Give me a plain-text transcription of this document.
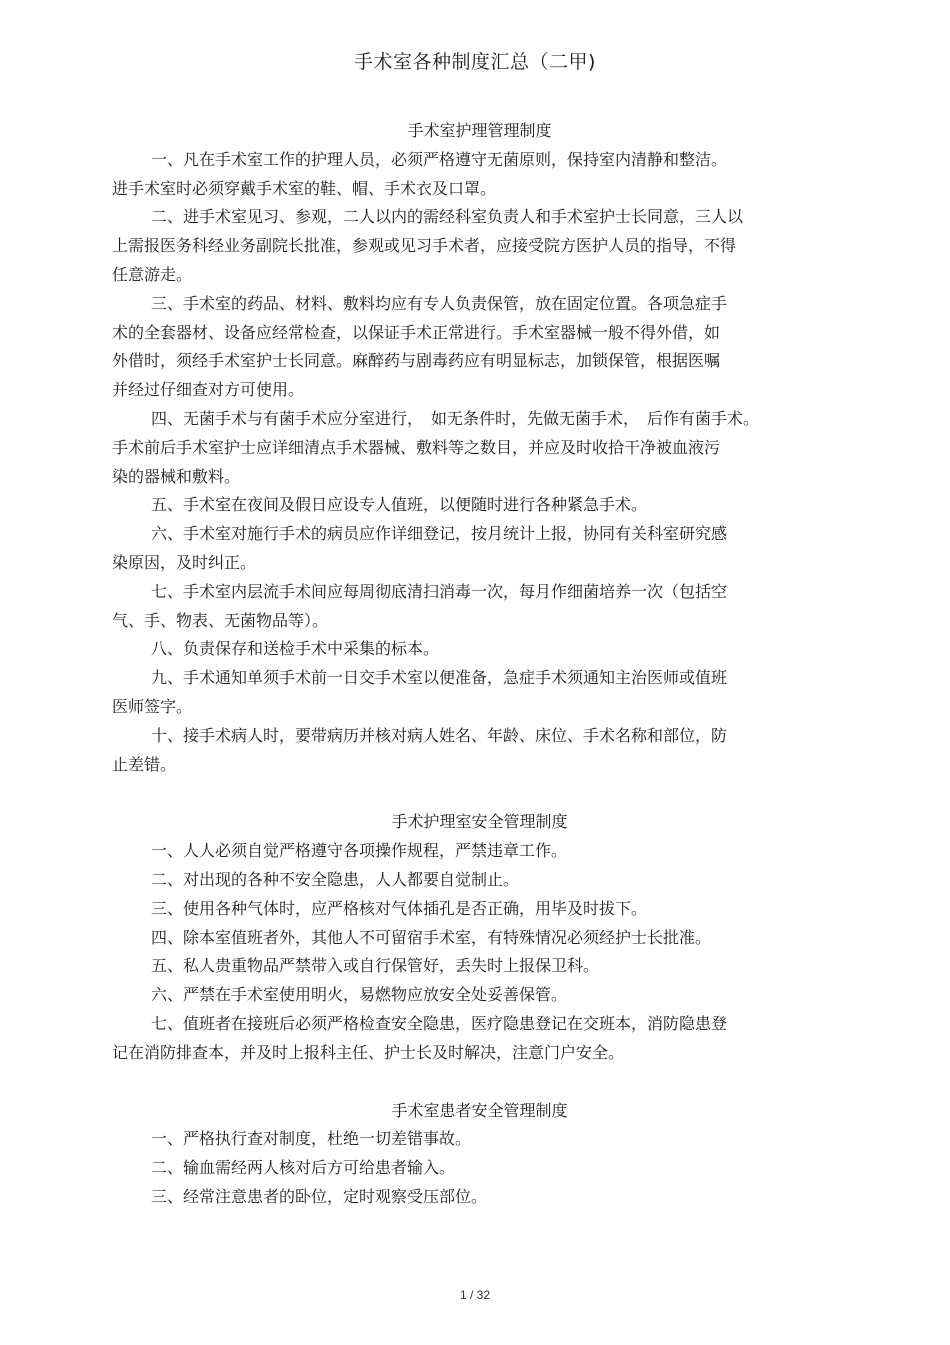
手术室各种制度汇总（二甲)
手术室护理管理制度
一、凡在手术室工作的护理人员，必须严格遵守无菌原则，保持室内清静和整洁。
进手术室时必须穿戴手术室的鞋、帽、手术衣及口罩。
二、进手术室见习、参观，二人以内的需经科室负责人和手术室护士长同意，三人以
上需报医务科经业务副院长批准，参观或见习手术者，应接受院方医护人员的指导，不得
任意游走。
三、手术室的药品、材料、敷料均应有专人负责保管，放在固定位置。各项急症手
术的全套器材、设备应经常检查，以保证手术正常进行。手术室器械一般不得外借，如
外借时，须经手术室护士长同意。麻醉药与剧毒药应有明显标志，加锁保管，根据医嘱
并经过仔细查对方可使用。
四、无菌手术与有菌手术应分室进行，　如无条件时，先做无菌手术，　后作有菌手术。
手术前后手术室护士应详细清点手术器械、敷料等之数目，并应及时收拾干净被血液污
染的器械和敷料。
五、手术室在夜间及假日应设专人值班，以便随时进行各种紧急手术。
六、手术室对施行手术的病员应作详细登记，按月统计上报，协同有关科室研究感
染原因，及时纠正。
七、手术室内层流手术间应每周彻底清扫消毒一次，每月作细菌培养一次（包括空
气、手、物表、无菌物品等）。
八、负责保存和送检手术中采集的标本。
九、手术通知单须手术前一日交手术室以便准备，急症手术须通知主治医师或值班
医师签字。
十、接手术病人时，要带病历并核对病人姓名、年龄、床位、手术名称和部位，防
止差错。
手术护理室安全管理制度
一、人人必须自觉严格遵守各项操作规程，严禁违章工作。
二、对出现的各种不安全隐患，人人都要自觉制止。
三、使用各种气体时，应严格核对气体插孔是否正确，用毕及时拔下。
四、除本室值班者外，其他人不可留宿手术室，有特殊情况必须经护士长批准。
五、私人贵重物品严禁带入或自行保管好，丢失时上报保卫科。
六、严禁在手术室使用明火，易燃物应放安全处妥善保管。
七、值班者在接班后必须严格检查安全隐患，医疗隐患登记在交班本，消防隐患登
记在消防排查本，并及时上报科主任、护士长及时解决，注意门户安全。
手术室患者安全管理制度
一、严格执行查对制度，杜绝一切差错事故。
二、输血需经两人核对后方可给患者输入。
三、经常注意患者的卧位，定时观察受压部位。
1 / 32
